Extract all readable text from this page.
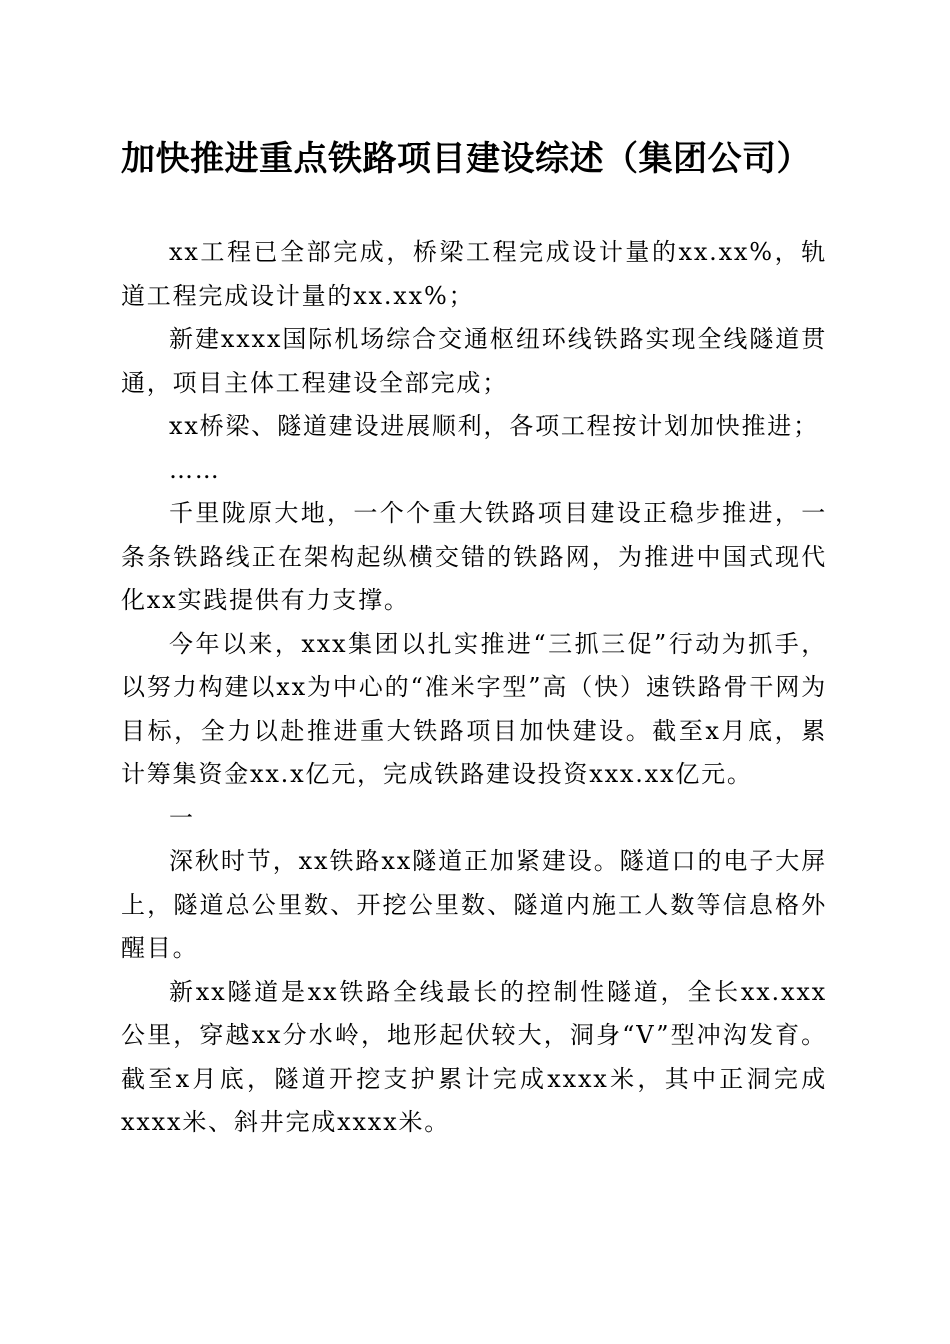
加快推进重点铁路项目建设综述（集团公司）

xx工程已全部完成，桥梁工程完成设计量的xx.xx%，轨道工程完成设计量的xx.xx%；

新建xxxx国际机场综合交通枢纽环线铁路实现全线隧道贯通，项目主体工程建设全部完成；

xx桥梁、隧道建设进展顺利，各项工程按计划加快推进；

……

千里陇原大地，一个个重大铁路项目建设正稳步推进，一条条铁路线正在架构起纵横交错的铁路网，为推进中国式现代化xx实践提供有力支撑。

今年以来，xxx集团以扎实推进“三抓三促”行动为抓手，以努力构建以xx为中心的“准米字型”高（快）速铁路骨干网为目标，全力以赴推进重大铁路项目加快建设。截至x月底，累计筹集资金xx.x亿元，完成铁路建设投资xxx.xx亿元。

一

深秋时节，xx铁路xx隧道正加紧建设。隧道口的电子大屏上，隧道总公里数、开挖公里数、隧道内施工人数等信息格外醒目。

新xx隧道是xx铁路全线最长的控制性隧道，全长xx.xxx公里，穿越xx分水岭，地形起伏较大，洞身“V”型冲沟发育。截至x月底，隧道开挖支护累计完成xxxx米，其中正洞完成xxxx米、斜井完成xxxx米。
